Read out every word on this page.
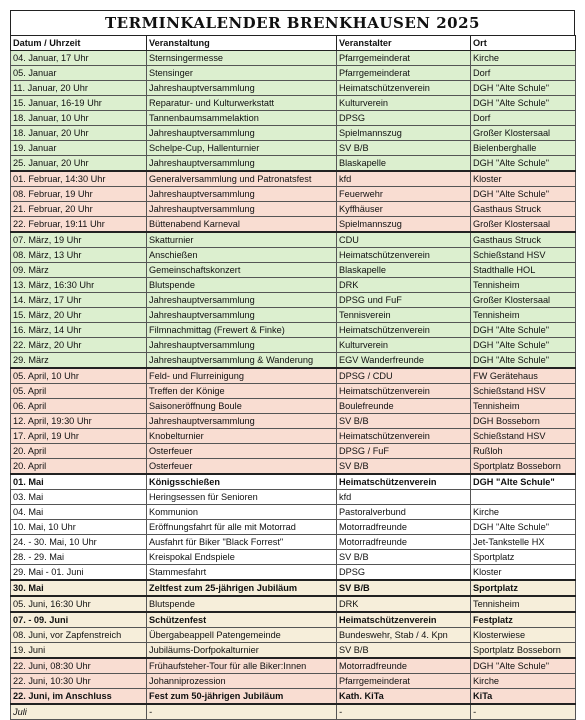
TERMINKALENDER BRENKHAUSEN 2025
Datum / Uhrzeit	Veranstaltung	Veranstalter	Ort
04. Januar, 17 Uhr	Sternsingermesse	Pfarrgemeinderat	Kirche
05. Januar	Stensinger	Pfarrgemeinderat	Dorf
11. Januar, 20 Uhr	Jahreshauptversammlung	Heimatschützenverein	DGH "Alte Schule"
15. Januar, 16-19 Uhr	Reparatur- und Kulturwerkstatt	Kulturverein	DGH "Alte Schule"
18. Januar, 10 Uhr	Tannenbaumsammelaktion	DPSG	Dorf
18. Januar, 20 Uhr	Jahreshauptversammlung	Spielmannszug	Großer Klostersaal
19. Januar	Schelpe-Cup, Hallenturnier	SV B/B	Bielenberghalle
25. Januar, 20 Uhr	Jahreshauptversammlung	Blaskapelle	DGH "Alte Schule"
01. Februar, 14:30 Uhr	Generalversammlung und Patronatsfest	kfd	Kloster
08. Februar, 19 Uhr	Jahreshauptversammlung	Feuerwehr	DGH "Alte Schule"
21. Februar, 20 Uhr	Jahreshauptversammlung	Kyffhäuser	Gasthaus Struck
22. Februar, 19:11 Uhr	Büttenabend Karneval	Spielmannszug	Großer Klostersaal
07. März, 19 Uhr	Skatturnier	CDU	Gasthaus Struck
08. März, 13 Uhr	Anschießen	Heimatschützenverein	Schießstand HSV
09. März	Gemeinschaftskonzert	Blaskapelle	Stadthalle HOL
13. März, 16:30 Uhr	Blutspende	DRK	Tennisheim
14. März, 17 Uhr	Jahreshauptversammlung	DPSG und FuF	Großer Klostersaal
15. März, 20 Uhr	Jahreshauptversammlung	Tennisverein	Tennisheim
16. März, 14 Uhr	Filmnachmittag (Frewert & Finke)	Heimatschützenverein	DGH "Alte Schule"
22. März, 20 Uhr	Jahreshauptversammlung	Kulturverein	DGH "Alte Schule"
29. März	Jahreshauptversammlung & Wanderung	EGV Wanderfreunde	DGH "Alte Schule"
05. April, 10 Uhr	Feld- und Flurreinigung	DPSG / CDU	FW Gerätehaus
05. April	Treffen der Könige	Heimatschützenverein	Schießstand HSV
06. April	Saisoneröffnung Boule	Boulefreunde	Tennisheim
12. April, 19:30 Uhr	Jahreshauptversammlung	SV B/B	DGH Bosseborn
17. April, 19 Uhr	Knobelturnier	Heimatschützenverein	Schießstand HSV
20. April	Osterfeuer	DPSG / FuF	Rußloh
20. April	Osterfeuer	SV B/B	Sportplatz Bosseborn
01. Mai	Königsschießen	Heimatschützenverein	DGH "Alte Schule"
03. Mai	Heringsessen für Senioren	kfd	
04. Mai	Kommunion	Pastoralverbund	Kirche
10. Mai, 10 Uhr	Eröffnungsfahrt für alle mit Motorrad	Motorradfreunde	DGH "Alte Schule"
24. - 30. Mai, 10 Uhr	Ausfahrt für Biker "Black Forrest"	Motorradfreunde	Jet-Tankstelle HX
28. - 29. Mai	Kreispokal Endspiele	SV B/B	Sportplatz
29. Mai - 01. Juni	Stammesfahrt	DPSG	Kloster
30. Mai	Zeltfest zum 25-jährigen Jubiläum	SV B/B	Sportplatz
05. Juni, 16:30 Uhr	Blutspende	DRK	Tennisheim
07. - 09. Juni	Schützenfest	Heimatschützenverein	Festplatz
08. Juni, vor Zapfenstreich	Übergabeappell Patengemeinde	Bundeswehr, Stab / 4. Kpn	Klosterwiese
19. Juni	Jubiläums-Dorfpokalturnier	SV B/B	Sportplatz Bosseborn
22. Juni, 08:30 Uhr	Frühaufsteher-Tour für alle Biker:Innen	Motorradfreunde	DGH "Alte Schule"
22. Juni, 10:30 Uhr	Johanniprozession	Pfarrgemeinderat	Kirche
22. Juni, im Anschluss	Fest zum 50-jährigen Jubiläum	Kath. KiTa	KiTa
Juli	-	-	-
